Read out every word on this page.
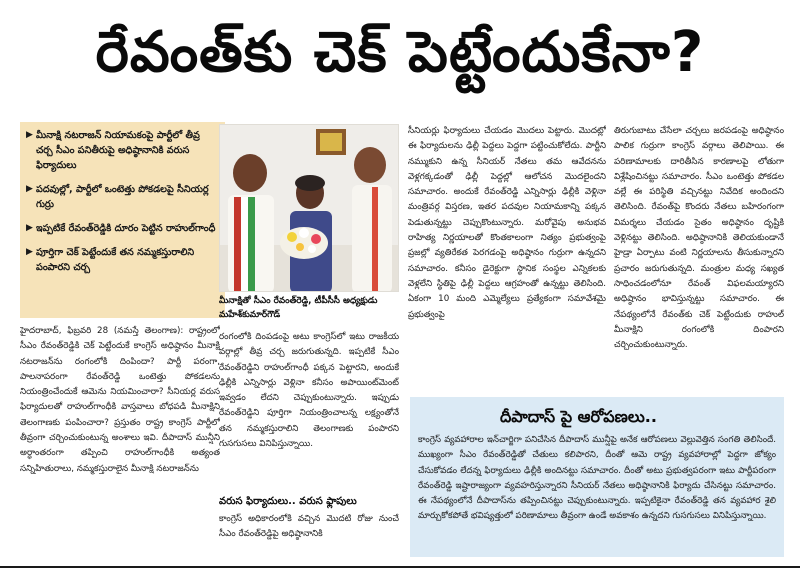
రేవంత్‌కు చెక్ పెట్టేందుకేనా?
▶ మీనాక్షి నటరాజన్ నియామకంపై పార్టీలో తీవ్ర చర్చ సీఎం పనితీరుపై అధిష్ఠానానికి వరుస ఫిర్యాదులు
▶ పదవుల్లో, పార్టీలో ఒంటెత్తు పోకడలపై సీనియర్ల గుర్రు
▶ ఇప్పటికే రేవంత్‌రెడ్డికి దూరం పెట్టిన రాహుల్‌గాంధీ
▶ పూర్తిగా చెక్ పెట్టేందుకే తన నమ్మకస్తురాలిని పంపారని చర్చ
మీనాక్షితో సీఎం రేవంత్‌రెడ్డి, టీపీసీసీ అధ్యక్షుడు మహేశ్‌కుమార్‌గౌడ్
హైదరాబాద్, ఫిబ్రవరి 28 (నమస్తే తెలంగాణ): రాష్ట్రంలో సీఎం రేవంత్‌రెడ్డికి చెక్ పెట్టేందుకే కాంగ్రెస్ అధిష్ఠానం మీనాక్షి నటరాజన్‌ను రంగంలోకి దింపిందా? పార్టీ పరంగా, పాలనాపరంగా రేవంత్‌రెడ్డి ఒంటెత్తు పోకడలను నియంత్రించేందుకే ఆమెను నియమించారా? సీనియర్ల వరుస ఫిర్యాదులతో రాహుల్‌గాంధీకి వాస్తవాలు బోధపడి మీనాక్షిని తెలంగాణకు పంపించారా? ప్రస్తుతం రాష్ట్ర కాంగ్రెస్ పార్టీలో తీవ్రంగా చర్చించుకుంటున్న అంశాలు ఇవి. దీపాదాస్ మున్షీని అర్ధాంతరంగా తప్పించి రాహుల్‌గాంధీకి అత్యంత సన్నిహితురాలు, నమ్మకస్తురాలైన మీనాక్షి నటరాజన్‌ను
రంగంలోకి దింపడంపై అటు కాంగ్రెస్‌లో ఇటు రాజకీయ వర్గాల్లో తీవ్ర చర్చ జరుగుతున్నది. ఇప్పటికే సీఎం రేవంత్‌రెడ్డిని రాహుల్‌గాంధీ పక్కన పెట్టారని, అందుకే ఢిల్లీకి ఎన్నిసార్లు వెళ్లినా కనీసం అపాయింట్‌మెంట్ ఇవ్వడం లేదని చెప్పుకుంటున్నారు. ఇప్పుడు రేవంత్‌రెడ్డిని పూర్తిగా నియంత్రించాలన్న లక్ష్యంతోనే తన నమ్మకస్తురాలిని తెలంగాణకు పంపారని గుసగుసలు వినిపిస్తున్నాయి.
వరుస ఫిర్యాదులు.. వరుస ఫ్లాపులు
కాంగ్రెస్ అధికారంలోకి వచ్చిన మొదటి రోజు నుంచే సీఎం రేవంత్‌రెడ్డిపై అధిష్ఠానానికి
సీనియర్లు ఫిర్యాదులు చేయడం మొదలు పెట్టారు. మొదట్లో ఈ ఫిర్యాదులను ఢిల్లీ పెద్దలు పెద్దగా పట్టించుకోలేదు. పార్టీని నమ్ముకుని ఉన్న సీనియర్ నేతలు తమ ఆవేదనను వెళ్లగక్కడంతో ఢిల్లీ పెద్దల్లో ఆలోచన మొదలైందని సమాచారం. అందుకే రేవంత్‌రెడ్డి ఎన్నిసార్లు ఢిల్లీకి వెళ్లినా మంత్రివర్గ విస్తరణ, ఇతర పదవుల నియామకాన్ని పక్కన పెడుతున్నట్టు చెప్పుకొంటున్నారు. మరోవైపు అనుభవ రాహిత్య నిర్ణయాలతో కొంతకాలంగా నిత్యం ప్రభుత్వంపై ప్రజల్లో వ్యతిరేకత పెరగడంపై అధిష్ఠానం గుర్రుగా ఉన్నదని సమాచారం. కనీసం డైరెక్టుగా స్థానిక సంస్థల ఎన్నికలకు వెళ్లలేని స్థితిపై ఢిల్లీ పెద్దలు ఆగ్రహంతో ఉన్నట్టు తెలిసింది. ఏకంగా 10 మంది ఎమ్మెల్యేలు ప్రత్యేకంగా సమావేశమై ప్రభుత్వంపై
తిరుగుబాటు చేసేలా చర్చలు జరపడంపై అధిష్ఠానం పాలిక గుర్రుగా కాంగ్రెస్ వర్గాలు తెలిపాయి. ఈ పరిణామాలకు దారితీసిన కారణాలపై లోతుగా విశ్లేషించినట్టు సమాచారం. సీఎం ఒంటెత్తు పోకడల వల్లే ఈ పరిస్థితి వచ్చినట్టు నివేదిక అందిందని తెలిసింది. రేవంత్‌పై కొందరు నేతలు బహిరంగంగా విమర్శలు చేయడం సైతం అధిష్ఠానం దృష్టికి వెళ్లినట్టు తెలిసింది. అధిష్ఠానానికి తెలియకుండానే హైడ్రా ఏర్పాటు వంటి నిర్ణయాలను తీసుకున్నారని ప్రచారం జరుగుతున్నది. మంత్రుల మధ్య సఖ్యత సాధించడంలోనూ రేవంత్ విఫలమయ్యారని అధిష్ఠానం భావిస్తున్నట్టు సమాచారం. ఈ నేపథ్యంలోనే రేవంత్‌కు చెక్ పెట్టేందుకు రాహుల్ మీనాక్షిని రంగంలోకి దింపారని చర్చించుకుంటున్నారు.
దీపాదాస్ పై ఆరోపణలు..
కాంగ్రెస్ వ్యవహారాల ఇన్‌చార్జిగా పనిచేసిన దీపాదాస్ మున్షీపై అనేక ఆరోపణలు వెల్లువెత్తిన సంగతి తెలిసిందే. ముఖ్యంగా సీఎం రేవంత్‌రెడ్డితో చేతులు కలిపారని, దీంతో ఆమె రాష్ట్ర వ్యవహారాల్లో పెద్దగా జోక్యం చేసుకోవడం లేదన్న ఫిర్యాదులు ఢిల్లీకి అందినట్టు సమాచారం. దీంతో అటు ప్రభుత్వపరంగా ఇటు పార్టీపరంగా రేవంత్‌రెడ్డి ఇష్టారాజ్యంగా వ్యవహరిస్తున్నారని సీనియర్ నేతలు అధిష్ఠానానికి ఫిర్యాదు చేసినట్టు సమాచారం. ఈ నేపథ్యంలోనే దీపాదాస్‌ను తప్పించినట్టు చెప్పుకుంటున్నారు. ఇప్పటికైనా రేవంత్‌రెడ్డి తన వ్యవహార శైలి మార్చుకోకపోతే భవిష్యత్తులో పరిణామాలు తీవ్రంగా ఉండే అవకాశం ఉన్నదని గుసగుసలు వినిపిస్తున్నాయి.
